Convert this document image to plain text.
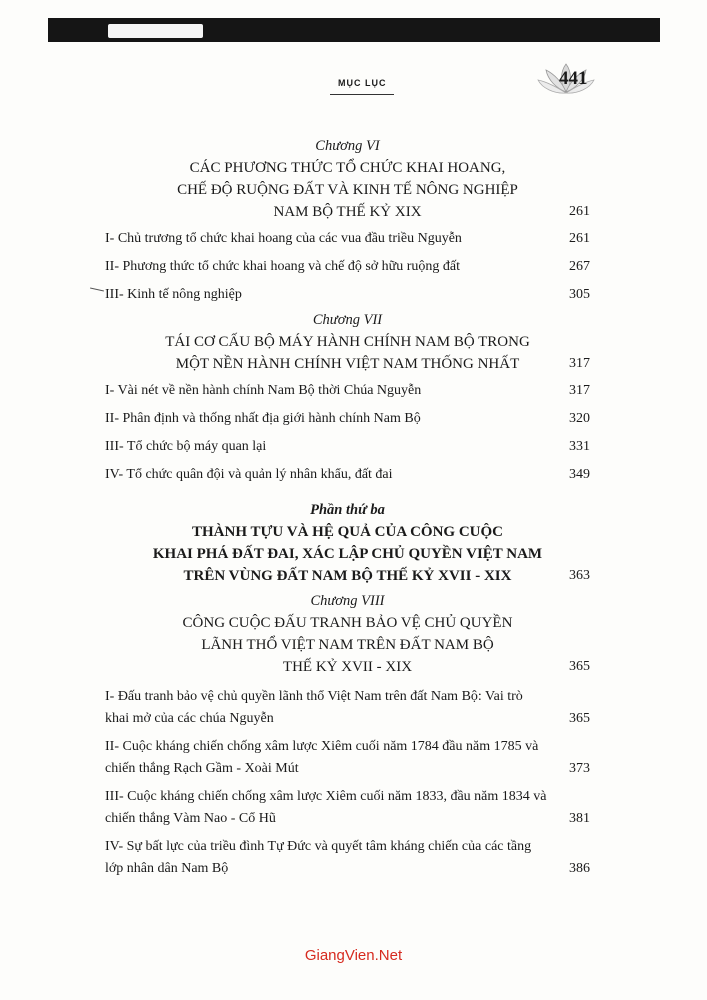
MỤC LỤC	441
Chương VI
CÁC PHƯƠNG THỨC TỔ CHỨC KHAI HOANG,
CHẾ ĐỘ RUỘNG ĐẤT VÀ KINH TẾ NÔNG NGHIỆP
NAM BỘ THẾ KỶ XIX	261
I- Chủ trương tổ chức khai hoang của các vua đầu triều Nguyễn	261
II- Phương thức tổ chức khai hoang và chế độ sở hữu ruộng đất	267
III- Kinh tế nông nghiệp	305
Chương VII
TÁI CƠ CẤU BỘ MÁY HÀNH CHÍNH NAM BỘ TRONG
MỘT NỀN HÀNH CHÍNH VIỆT NAM THỐNG NHẤT	317
I- Vài nét về nền hành chính Nam Bộ thời Chúa Nguyễn	317
II- Phân định và thống nhất địa giới hành chính Nam Bộ	320
III- Tổ chức bộ máy quan lại	331
IV- Tổ chức quân đội và quản lý nhân khẩu, đất đai	349
Phần thứ ba
THÀNH TỰU VÀ HỆ QUẢ CỦA CÔNG CUỘC
KHAI PHÁ ĐẤT ĐAI, XÁC LẬP CHỦ QUYỀN VIỆT NAM
TRÊN VÙNG ĐẤT NAM BỘ THẾ KỶ XVII - XIX	363
Chương VIII
CÔNG CUỘC ĐẤU TRANH BẢO VỆ CHỦ QUYỀN
LÃNH THỔ VIỆT NAM TRÊN ĐẤT NAM BỘ
THẾ KỶ XVII - XIX	365
I- Đấu tranh bảo vệ chủ quyền lãnh thổ Việt Nam trên đất Nam Bộ: Vai trò khai mở của các chúa Nguyễn	365
II- Cuộc kháng chiến chống xâm lược Xiêm cuối năm 1784 đầu năm 1785 và chiến thắng Rạch Gầm - Xoài Mút	373
III- Cuộc kháng chiến chống xâm lược Xiêm cuối năm 1833, đầu năm 1834 và chiến thắng Vàm Nao - Cổ Hũ	381
IV- Sự bất lực của triều đình Tự Đức và quyết tâm kháng chiến của các tầng lớp nhân dân Nam Bộ	386
GiangVien.Net
